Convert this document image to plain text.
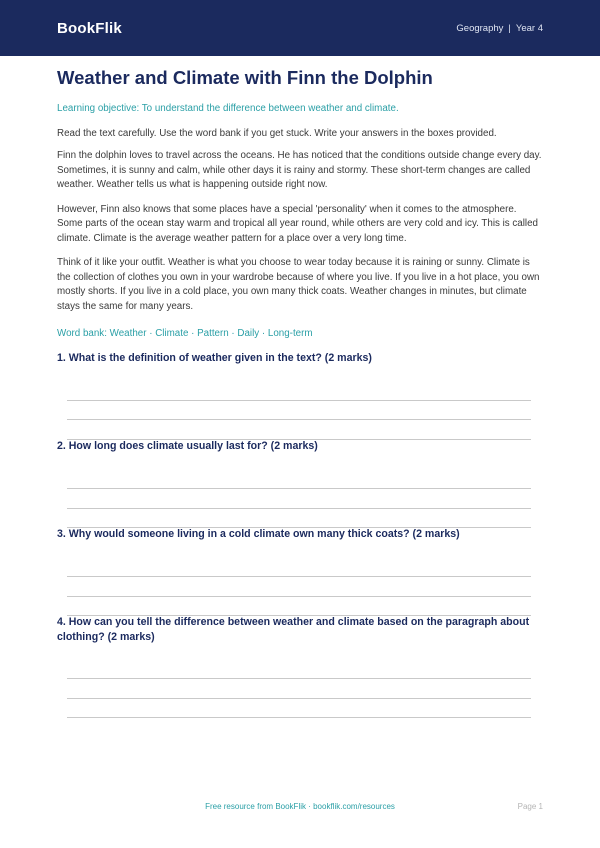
BookFlik	Geography | Year 4
Weather and Climate with Finn the Dolphin
Learning objective: To understand the difference between weather and climate.
Read the text carefully. Use the word bank if you get stuck. Write your answers in the boxes provided.
Finn the dolphin loves to travel across the oceans. He has noticed that the conditions outside change every day. Sometimes, it is sunny and calm, while other days it is rainy and stormy. These short-term changes are called weather. Weather tells us what is happening outside right now.
However, Finn also knows that some places have a special 'personality' when it comes to the atmosphere. Some parts of the ocean stay warm and tropical all year round, while others are very cold and icy. This is called climate. Climate is the average weather pattern for a place over a very long time.
Think of it like your outfit. Weather is what you choose to wear today because it is raining or sunny. Climate is the collection of clothes you own in your wardrobe because of where you live. If you live in a hot place, you own mostly shorts. If you live in a cold place, you own many thick coats. Weather changes in minutes, but climate stays the same for many years.
Word bank: Weather · Climate · Pattern · Daily · Long-term
1. What is the definition of weather given in the text? (2 marks)
2. How long does climate usually last for? (2 marks)
3. Why would someone living in a cold climate own many thick coats? (2 marks)
4. How can you tell the difference between weather and climate based on the paragraph about clothing? (2 marks)
Free resource from BookFlik · bookflik.com/resources	Page 1
